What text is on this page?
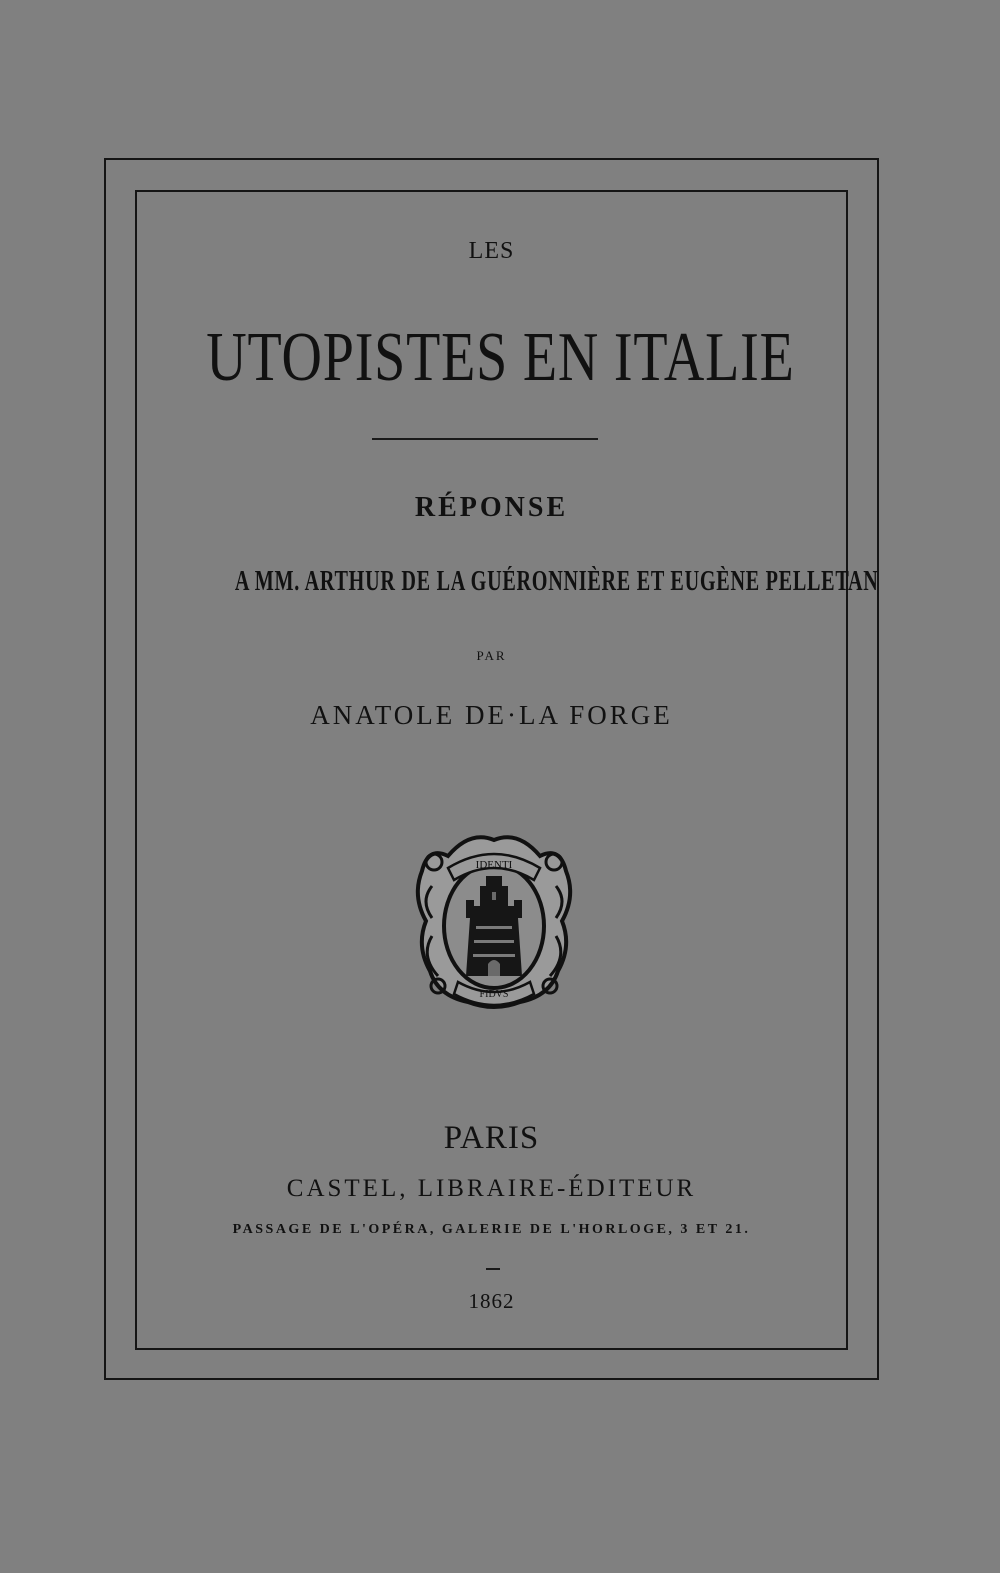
LES
UTOPISTES EN ITALIE
RÉPONSE
A MM. ARTHUR DE LA GUÉRONNIÈRE ET EUGÈNE PELLETAN
PAR
ANATOLE DE·LA FORGE
IDENTI
FIDVS
PARIS
CASTEL, LIBRAIRE-ÉDITEUR
PASSAGE DE L'OPÉRA, GALERIE DE L'HORLOGE, 3 ET 21.
1862
